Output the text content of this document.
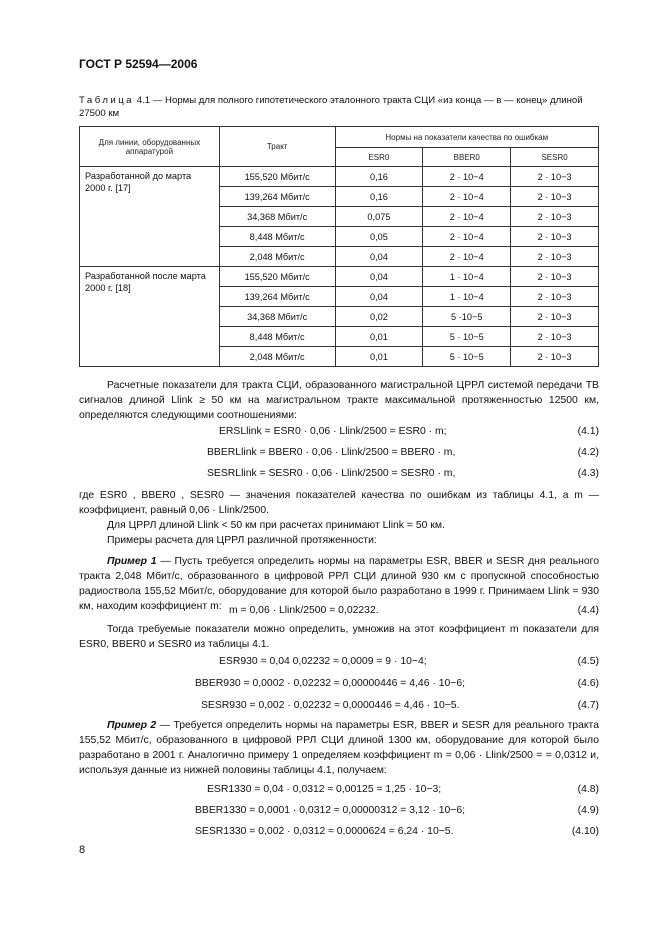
ГОСТ Р 52594—2006
Таблица 4.1 — Нормы для полного гипотетического эталонного тракта СЦИ «из конца — в — конец» длиной 27500 км
Для линии, оборудованных аппаратурой	Тракт	Нормы на показатели качества по ошибкам		
		ESR0	BBER0	SESR0
Разработанной до марта 2000 г. [17]	155,520 Мбит/с	0,16	2 · 10−4	2 · 10−3
	139,264 Мбит/с	0,16	2 · 10−4	2 · 10−3
	34,368 Мбит/с	0,075	2 · 10−4	2 · 10−3
	8,448 Мбит/с	0,05	2 · 10−4	2 · 10−3
	2,048 Мбит/с	0,04	2 · 10−4	2 · 10−3
Разработанной после марта 2000 г. [18]	155,520 Мбит/с	0,04	1 · 10−4	2 · 10−3
	139,264 Мбит/с	0,04	1 · 10−4	2 · 10−3
	34,368 Мбит/с	0,02	5 ·10−5	2 · 10−3
	8,448 Мбит/с	0,01	5 · 10−5	2 · 10−3
	2,048 Мбит/с	0,01	5 · 10−5	2 · 10−3
Расчетные показатели для тракта СЦИ, образованного магистральной ЦРРЛ системой передачи ТВ сигналов длиной Llink ≥ 50 км на магистральном тракте максимальной протяженностью 12500 км, определяются следующими соотношениями:
ERSLlink = ESR0 · 0,06 · Llink/2500 = ESR0 · m;	(4.1)
BBERLlink = BBER0 · 0,06 · Llink/2500 = BBER0 · m,	(4.2)
SESRLlink = SESR0 · 0,06 · Llink/2500 = SESR0 · m,	(4.3)
где ESR0 , BBER0 , SESR0 — значения показателей качества по ошибкам из таблицы 4.1, а m — коэффициент, равный 0,06 · Llink/2500.
Для ЦРРЛ длиной Llink < 50 км при расчетах принимают Llink = 50 км.
Примеры расчета для ЦРРЛ различной протяженности:
Пример 1 — Пусть требуется определить нормы на параметры ESR, BBER и SESR дня реального тракта 2,048 Мбит/с, образованного в цифровой РРЛ СЦИ длиной 930 км с пропускной способностью радиоствола 155,52 Мбит/с, оборудование для которой было разработано в 1999 г. Принимаем Llink = 930 км, находим коэффициент m: m = 0,06 · Llink/2500 = 0,02232.	(4.4)
Тогда требуемые показатели можно определить, умножив на этот коэффициент m показатели для ESR0, BBER0 и SESR0 из таблицы 4.1.
ESR930 = 0,04 0,02232 ≈ 0,0009 = 9 · 10−4;	(4.5)
BBER930 = 0,0002 · 0,02232 ≈ 0,00000446 = 4,46 · 10−6;	(4.6)
SESR930 = 0,002 · 0,02232 ≈ 0,0000446 = 4,46 · 10−5.	(4.7)
Пример 2 — Требуется определить нормы на параметры ESR, BBER и SESR для реального тракта 155,52 Мбит/с, образованного в цифровой РРЛ СЦИ длиной 1300 км, оборудование для которой было разработано в 2001 г. Аналогично примеру 1 определяем коэффициент m = 0,06 · Llink/2500 = = 0,0312 и, используя данные из нижней половины таблицы 4.1, получаем:
ESR1330 = 0,04 · 0,0312 ≈ 0,00125 = 1,25 · 10−3;	(4.8)
BBER1330 = 0,0001 · 0,0312 ≈ 0,00000312 = 3,12 · 10−6;	(4.9)
SESR1330 = 0,002 · 0,0312 ≈ 0,0000624 = 6,24 · 10−5.	(4.10)
8
